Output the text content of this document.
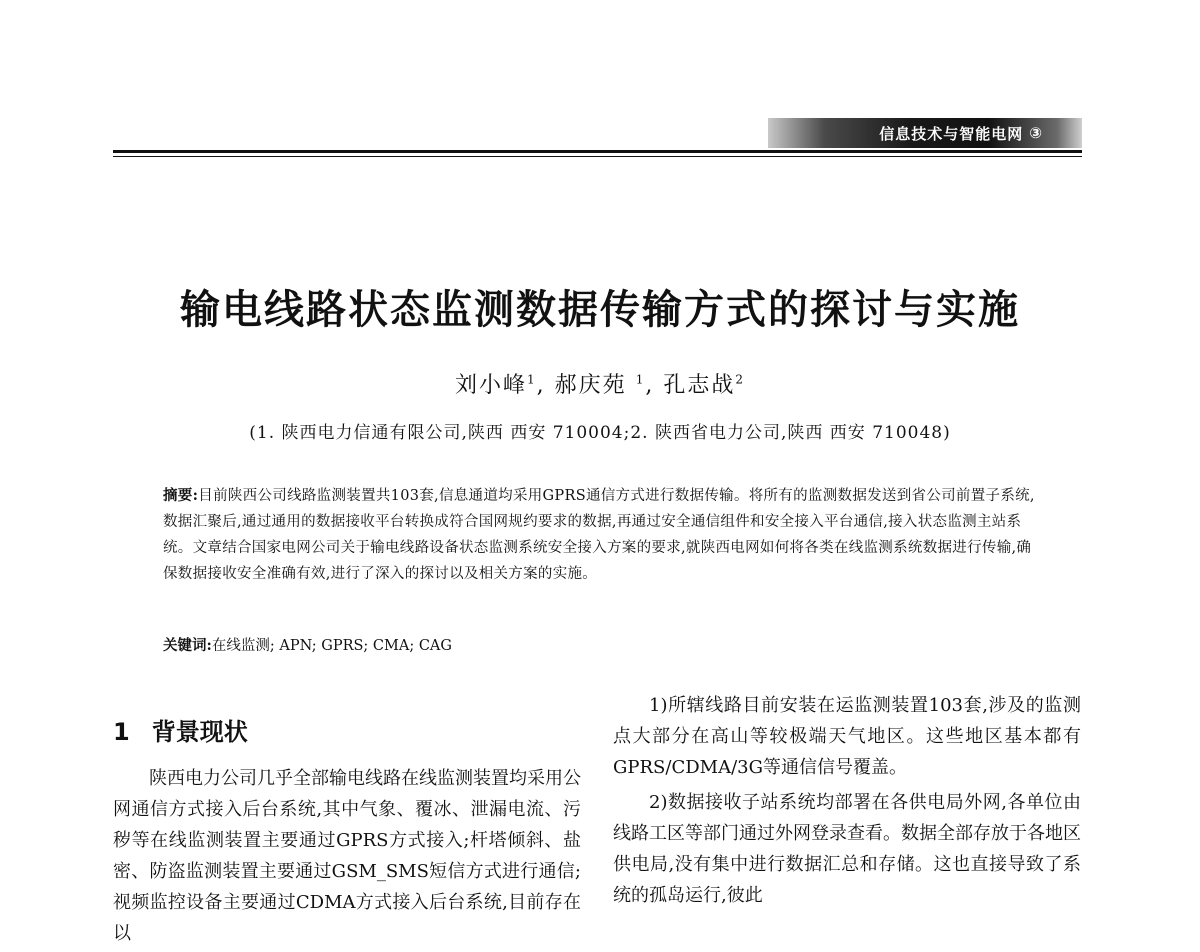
信息技术与智能电网 ③
输电线路状态监测数据传输方式的探讨与实施
刘小峰$^1$, 郝庆苑 $^1$, 孔志战$^2$
(1. 陕西电力信通有限公司,陕西 西安 710004;2. 陕西省电力公司,陕西 西安 710048)
摘要:目前陕西公司线路监测装置共103套,信息通道均采用GPRS通信方式进行数据传输。将所有的监测数据发送到省公司前置子系统,数据汇聚后,通过通用的数据接收平台转换成符合国网规约要求的数据,再通过安全通信组件和安全接入平台通信,接入状态监测主站系统。文章结合国家电网公司关于输电线路设备状态监测系统安全接入方案的要求,就陕西电网如何将各类在线监测系统数据进行传输,确保数据接收安全准确有效,进行了深入的探讨以及相关方案的实施。
关键词:在线监测; APN; GPRS; CMA; CAG
1 背景现状

陕西电力公司几乎全部输电线路在线监测装置均采用公网通信方式接入后台系统,其中气象、覆冰、泄漏电流、污秽等在线监测装置主要通过GPRS方式接入;杆塔倾斜、盐密、防盗监测装置主要通过GSM_SMS短信方式进行通信;视频监控设备主要通过CDMA方式接入后台系统,目前存在以

1)所辖线路目前安装在运监测装置103套,涉及的监测点大部分在高山等较极端天气地区。这些地区基本都有GPRS/CDMA/3G等通信信号覆盖。

2)数据接收子站系统均部署在各供电局外网,各单位由线路工区等部门通过外网登录查看。数据全部存放于各地区供电局,没有集中进行数据汇总和存储。这也直接导致了系统的孤岛运行,彼此
